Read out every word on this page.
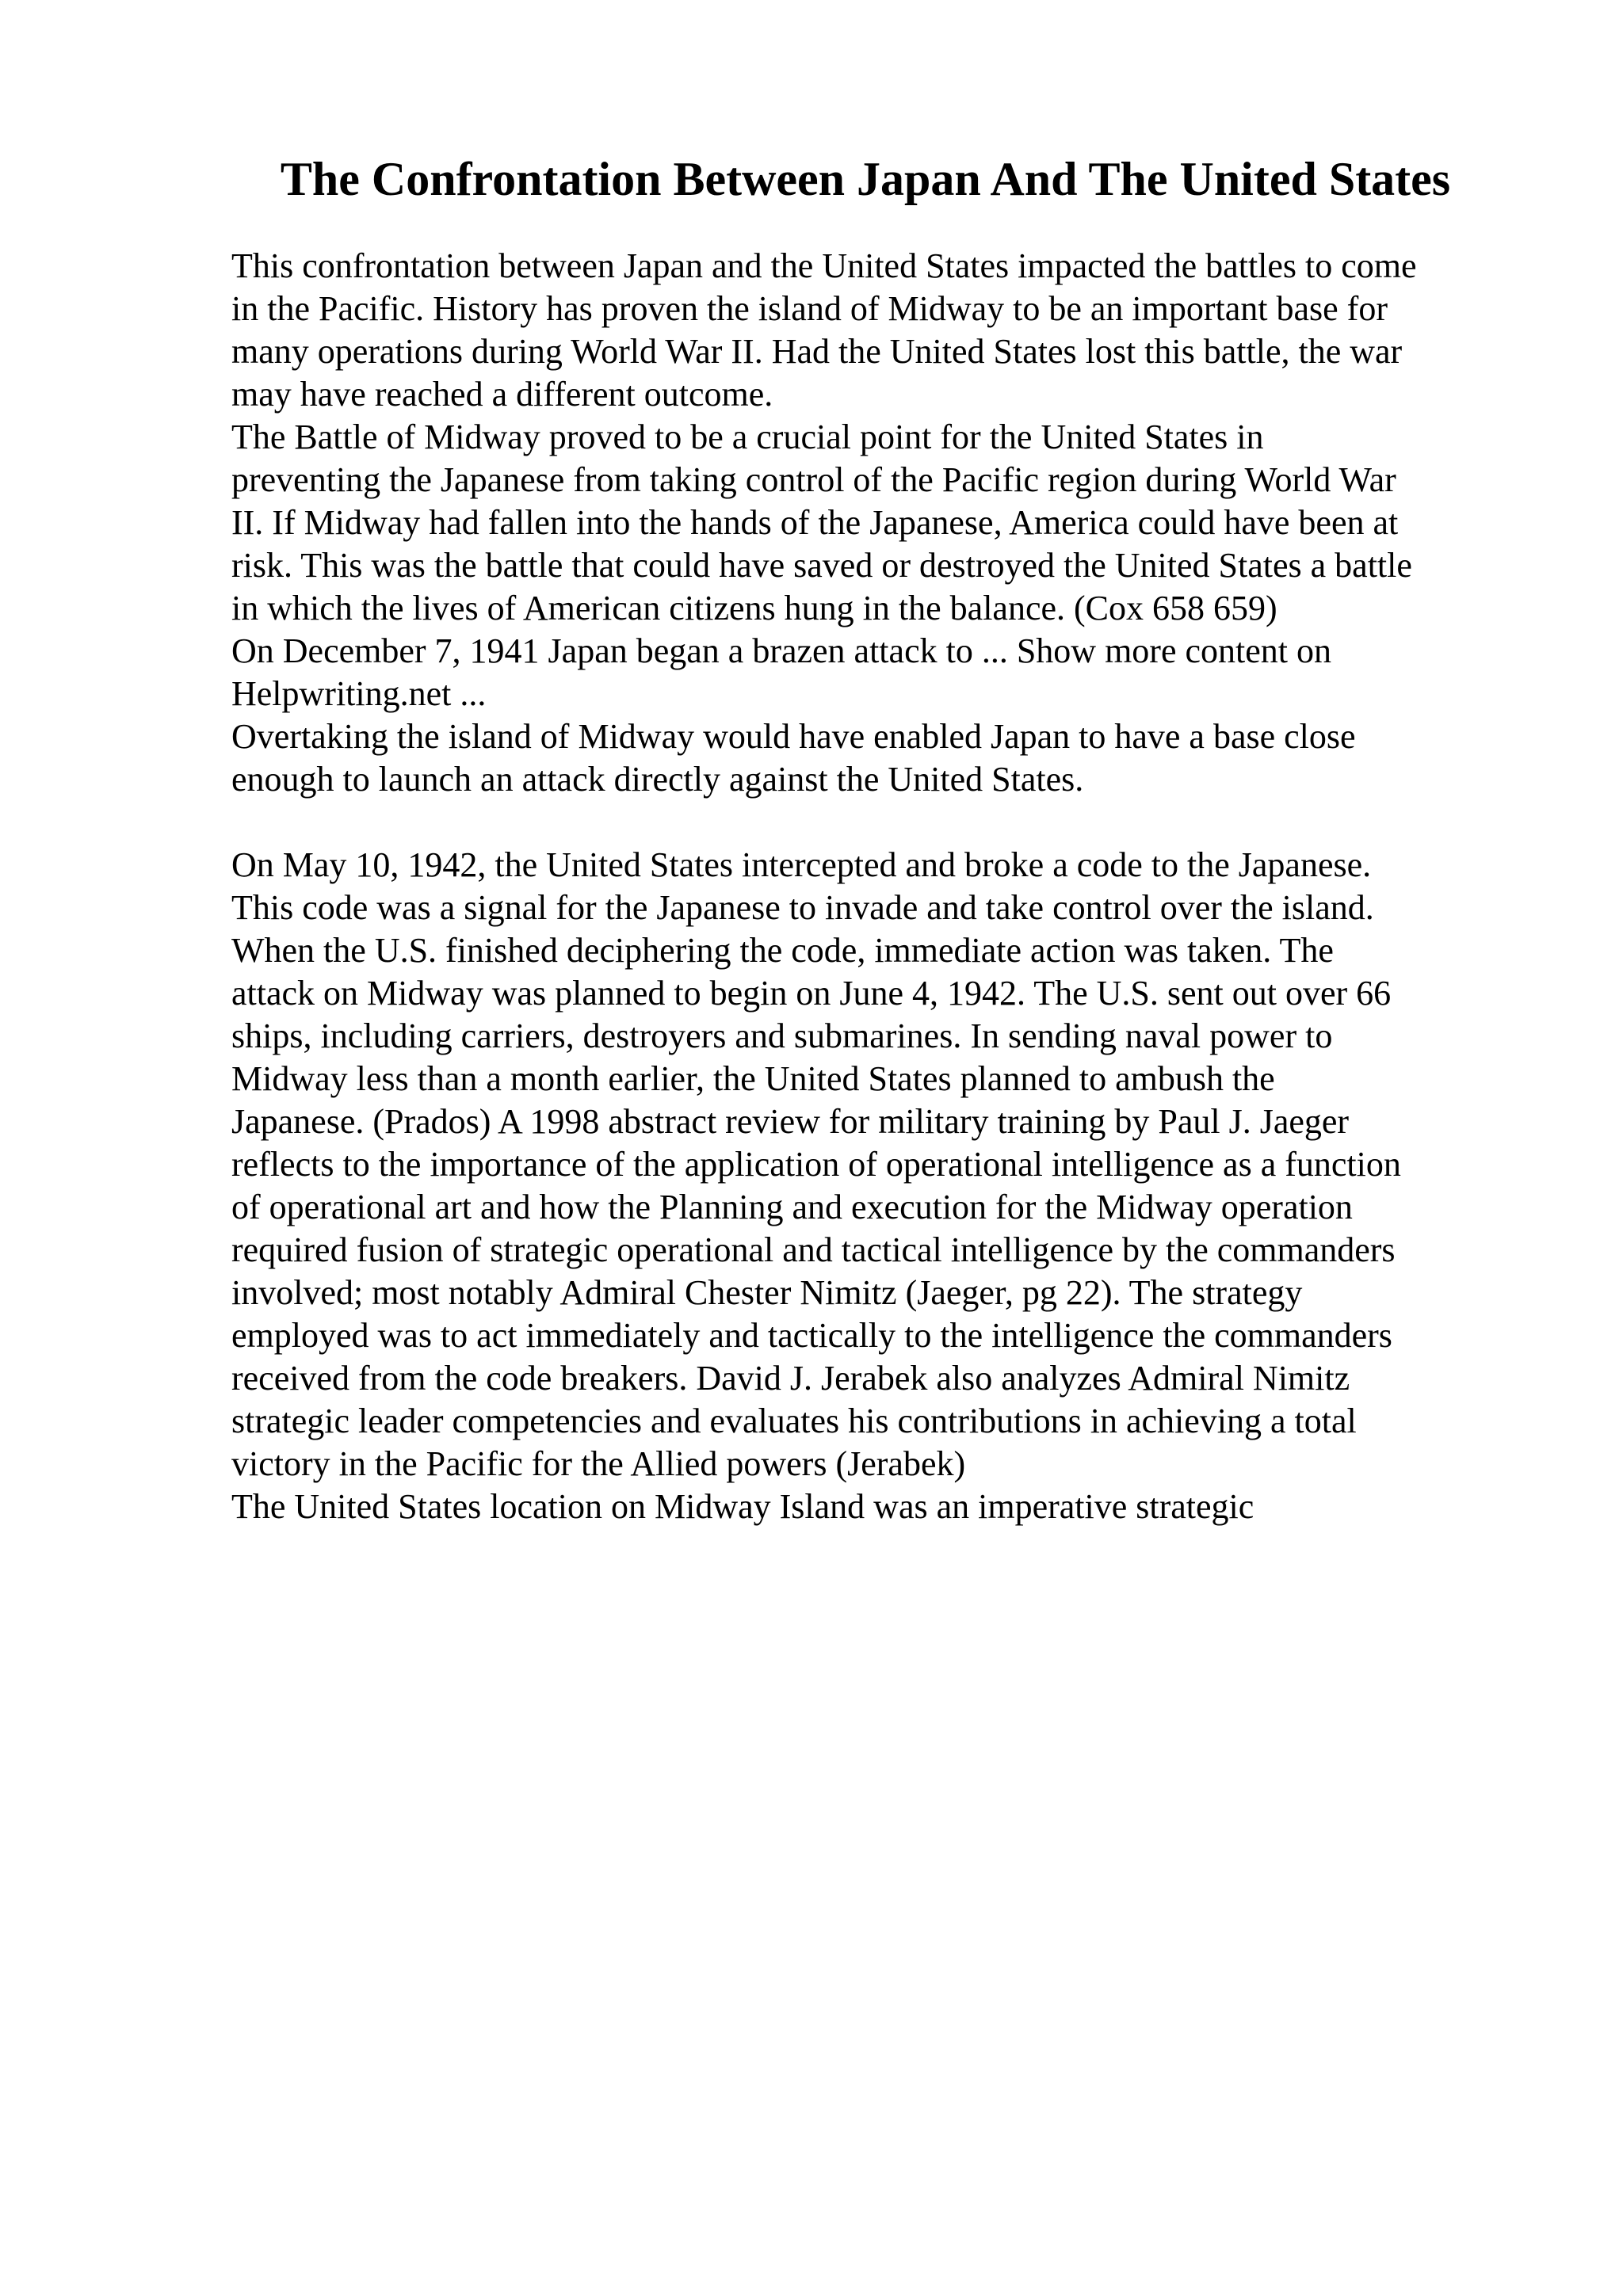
The Confrontation Between Japan And The United States
This confrontation between Japan and the United States impacted the battles to come
in the Pacific. History has proven the island of Midway to be an important base for
many operations during World War II. Had the United States lost this battle, the war
may have reached a different outcome.
The Battle of Midway proved to be a crucial point for the United States in
preventing the Japanese from taking control of the Pacific region during World War
II. If Midway had fallen into the hands of the Japanese, America could have been at
risk. This was the battle that could have saved or destroyed the United States a battle
in which the lives of American citizens hung in the balance. (Cox 658 659)
On December 7, 1941 Japan began a brazen attack to ... Show more content on
Helpwriting.net ...
Overtaking the island of Midway would have enabled Japan to have a base close
enough to launch an attack directly against the United States.
On May 10, 1942, the United States intercepted and broke a code to the Japanese.
This code was a signal for the Japanese to invade and take control over the island.
When the U.S. finished deciphering the code, immediate action was taken. The
attack on Midway was planned to begin on June 4, 1942. The U.S. sent out over 66
ships, including carriers, destroyers and submarines. In sending naval power to
Midway less than a month earlier, the United States planned to ambush the
Japanese. (Prados) A 1998 abstract review for military training by Paul J. Jaeger
reflects to the importance of the application of operational intelligence as a function
of operational art and how the Planning and execution for the Midway operation
required fusion of strategic operational and tactical intelligence by the commanders
involved; most notably Admiral Chester Nimitz (Jaeger, pg 22). The strategy
employed was to act immediately and tactically to the intelligence the commanders
received from the code breakers. David J. Jerabek also analyzes Admiral Nimitz
strategic leader competencies and evaluates his contributions in achieving a total
victory in the Pacific for the Allied powers (Jerabek)
The United States location on Midway Island was an imperative strategic
